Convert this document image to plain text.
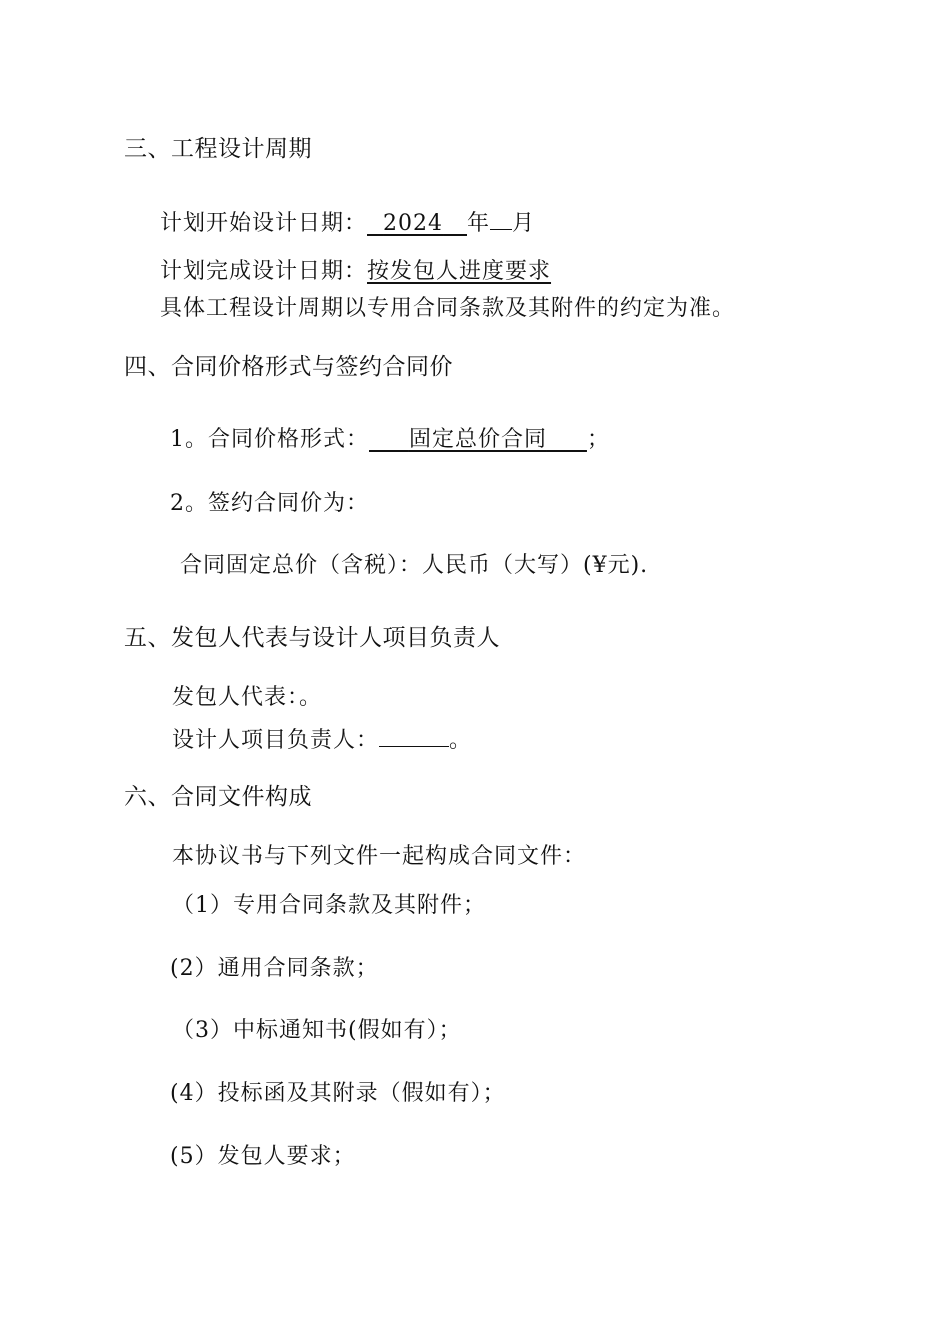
三、工程设计周期
计划开始设计日期： 2024 年 月
计划完成设计日期：按发包人进度要求
具体工程设计周期以专用合同条款及其附件的约定为准。
四、合同价格形式与签约合同价
1。合同价格形式： 固定总价合同 ；
2。签约合同价为：
合同固定总价（含税）：人民币（大写）(¥元).
五、发包人代表与设计人项目负责人
发包人代表：。
设计人项目负责人：	。
六、合同文件构成
本协议书与下列文件一起构成合同文件：
（1）专用合同条款及其附件；
(2）通用合同条款；
（3）中标通知书(假如有）；
(4）投标函及其附录（假如有）；
(5）发包人要求；
